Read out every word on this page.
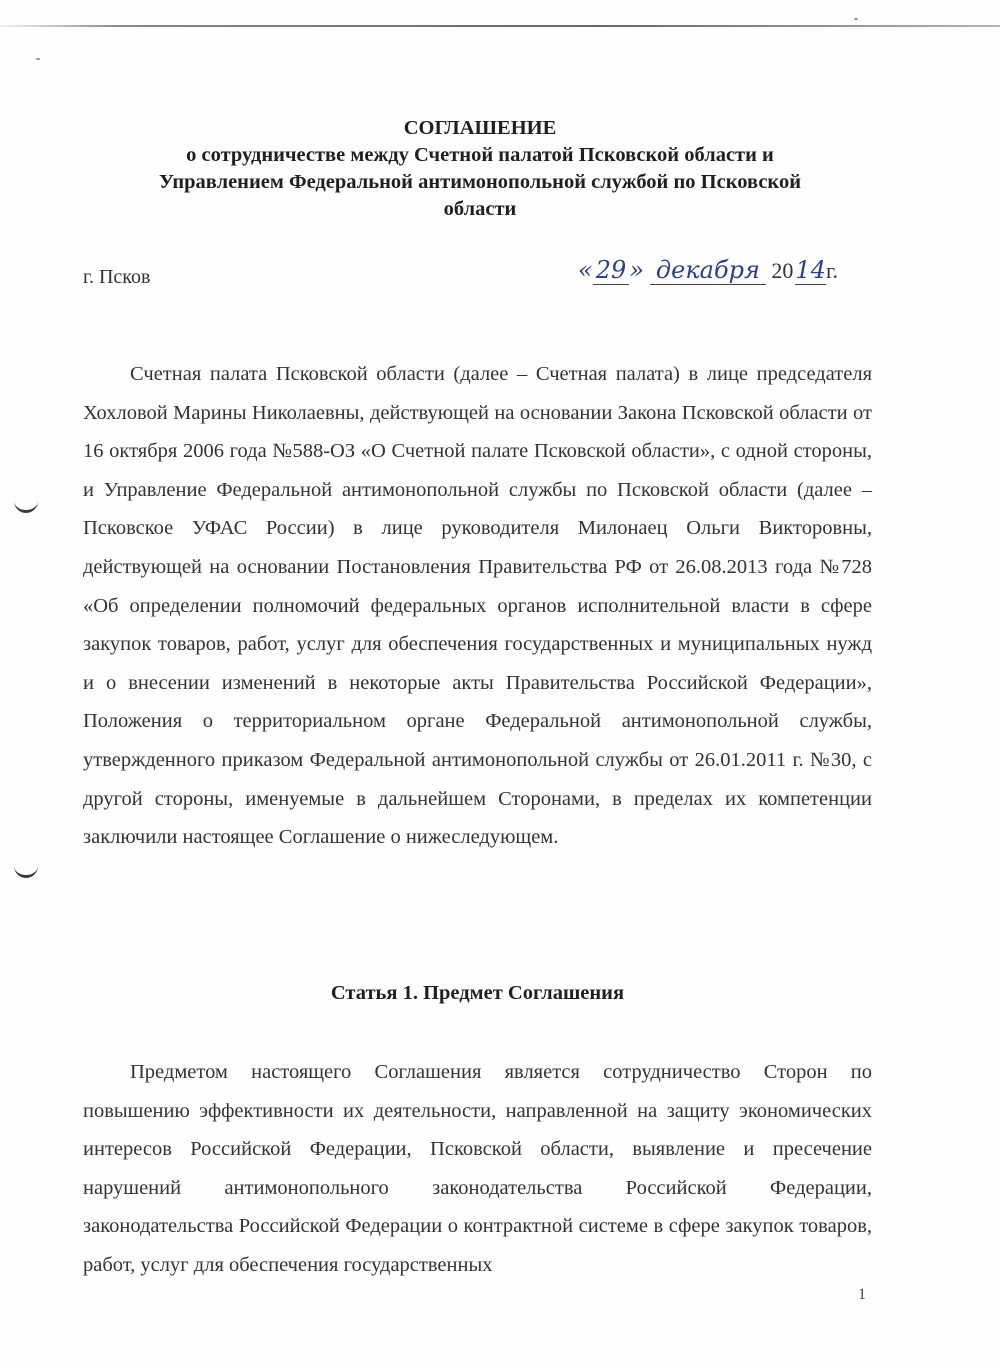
СОГЛАШЕНИЕ
о сотрудничестве между Счетной палатой Псковской области и
Управлением Федеральной антимонопольной службой по Псковской
области
г. Псков	« 29 » декабря 2014г.

Счетная палата Псковской области (далее – Счетная палата) в лице председателя Хохловой Марины Николаевны, действующей на основании Закона Псковской области от 16 октября 2006 года №588-ОЗ «О Счетной палате Псковской области», с одной стороны, и Управление Федеральной антимонопольной службы по Псковской области (далее – Псковское УФАС России) в лице руководителя Милонаец Ольги Викторовны, действующей на основании Постановления Правительства РФ от 26.08.2013 года №728 «Об определении полномочий федеральных органов исполнительной власти в сфере закупок товаров, работ, услуг для обеспечения государственных и муниципальных нужд и о внесении изменений в некоторые акты Правительства Российской Федерации», Положения о территориальном органе Федеральной антимонопольной службы, утвержденного приказом Федеральной антимонопольной службы от 26.01.2011 г. №30, с другой стороны, именуемые в дальнейшем Сторонами, в пределах их компетенции заключили настоящее Соглашение о нижеследующем.

Статья 1. Предмет Соглашения

Предметом настоящего Соглашения является сотрудничество Сторон по повышению эффективности их деятельности, направленной на защиту экономических интересов Российской Федерации, Псковской области, выявление и пресечение нарушений антимонопольного законодательства Российской Федерации, законодательства Российской Федерации о контрактной системе в сфере закупок товаров, работ, услуг для обеспечения государственных

1
